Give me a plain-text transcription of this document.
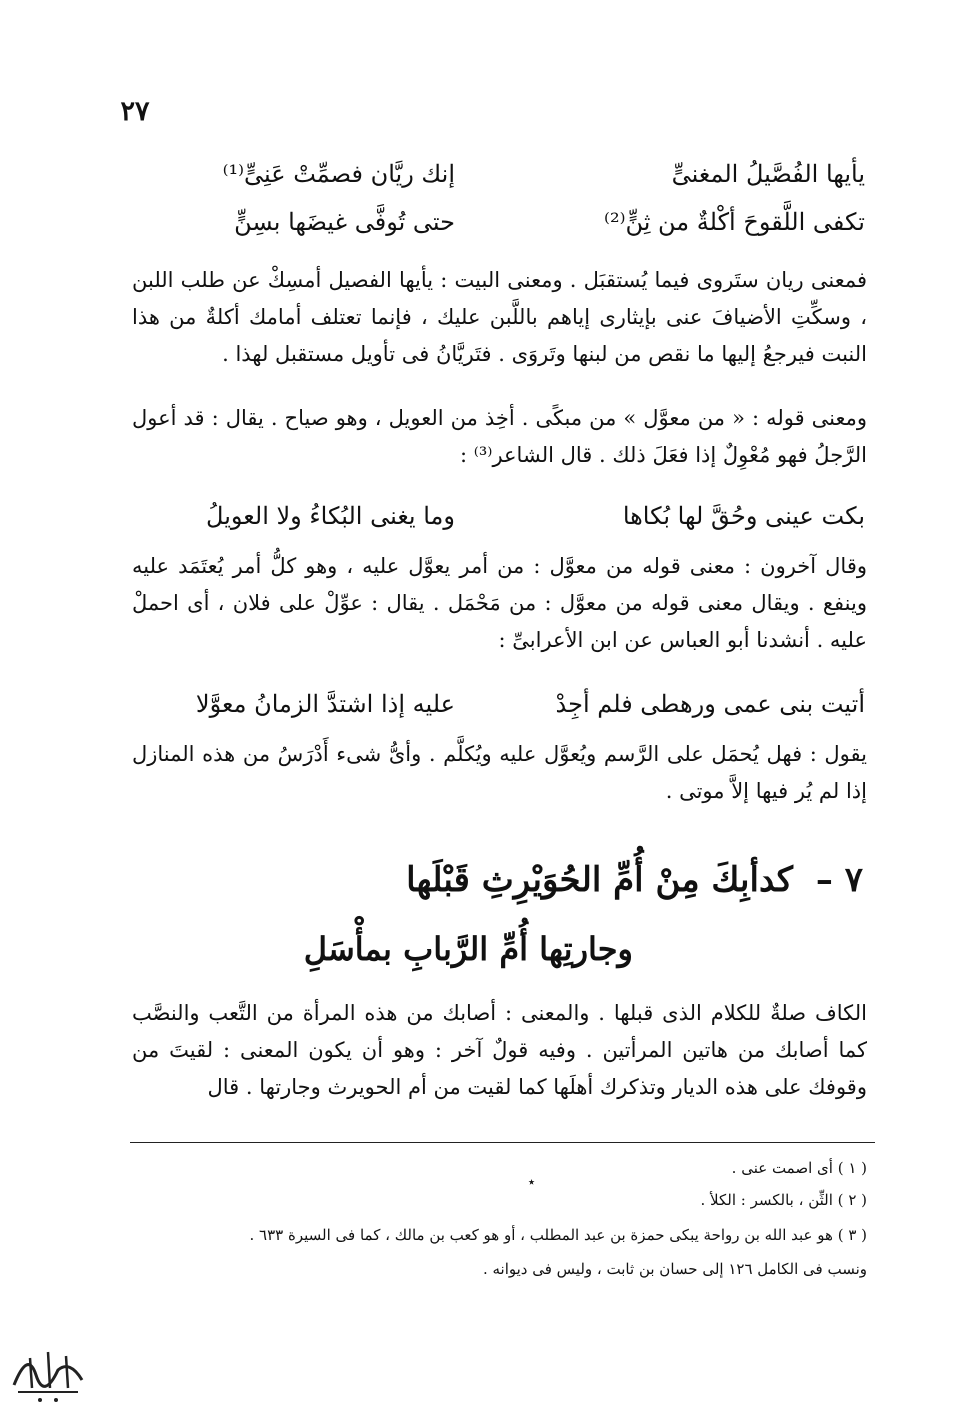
٢٧
يأيها الفُصَّيلُ المغنىٍّ
إنك ريَّان فصمِّتْ عَنِىٍّ⁽¹⁾
تكفى اللَّقوحَ أكْلةٌ من ثِنٍّ⁽²⁾
حتى تُوفَّى غيضَها بسِنٍّ
فمعنى ريان ستَروى فيما يُستقبَل . ومعنى البيت : يأيها الفصيل أمسِكْ عن طلب اللبن ، وسكِّتِ الأضيافَ عنى بإيثارى إياهم باللَّبن عليك ، فإنما تعتلف أمامك أكلةٌ من هذا النبت فيرجعُ إليها ما نقص من لبنها وتَروَى . فتَريَّانُ فى تأويل مستقبل لهذا .
ومعنى قوله : « من معوَّل » من مبكًى . أخِذ من العويل ، وهو صياح . يقال : قد أعول الرَّجلُ فهو مُعْوِلٌ إذا فعَلَ ذلك . قال الشاعر⁽³⁾ :
بكت عينى وحُقَّ لها بُكاها
وما يغنى البُكاءُ ولا العويلُ
وقال آخرون : معنى قوله من معوَّل : من أمر يعوَّل عليه ، وهو كلُّ أمر يُعتَمَد عليه وينفع . ويقال معنى قوله من معوَّل : من مَحْمَل . يقال : عوِّلْ على فلان ، أى احملْ عليه . أنشدنا أبو العباس عن ابن الأعرابىِّ :
أتيت بنى عمى ورهطى فلم أجِدْ
عليه إذا اشتدَّ الزمانُ معوَّلا
يقول : فهل يُحمَل على الرَّسم ويُعوَّل عليه ويُكلَّم . وأىُّ شىء أَدْرَسُ من هذه المنازل إذا لم يُر فيها إلاَّ موتى .
٧ –
كدأبِكَ مِنْ أُمِّ الحُوَيْرِثِ قَبْلَها
وجارتِها أُمِّ الرَّبابِ بمأْسَلِ
الكاف صلةٌ للكلام الذى قبلها . والمعنى : أصابك من هذه المرأة من التَّعب والنصَّب كما أصابك من هاتين المرأتين . وفيه قولٌ آخر : وهو أن يكون المعنى : لقيتَ من وقوفك على هذه الديار وتذكرك أهلَها كما لقيت من أم الحويرث وجارتها . قال
( ١ ) أى اصمت عنى .
٭
( ٢ ) الثِّن ، بالكسر : الكلأ .
( ٣ ) هو عبد الله بن رواحة يبكى حمزة بن عبد المطلب ، أو هو كعب بن مالك ، كما فى السيرة ٦٣٣ .
ونسب فى الكامل ١٢٦ إلى حسان بن ثابت ، وليس فى ديوانه .
